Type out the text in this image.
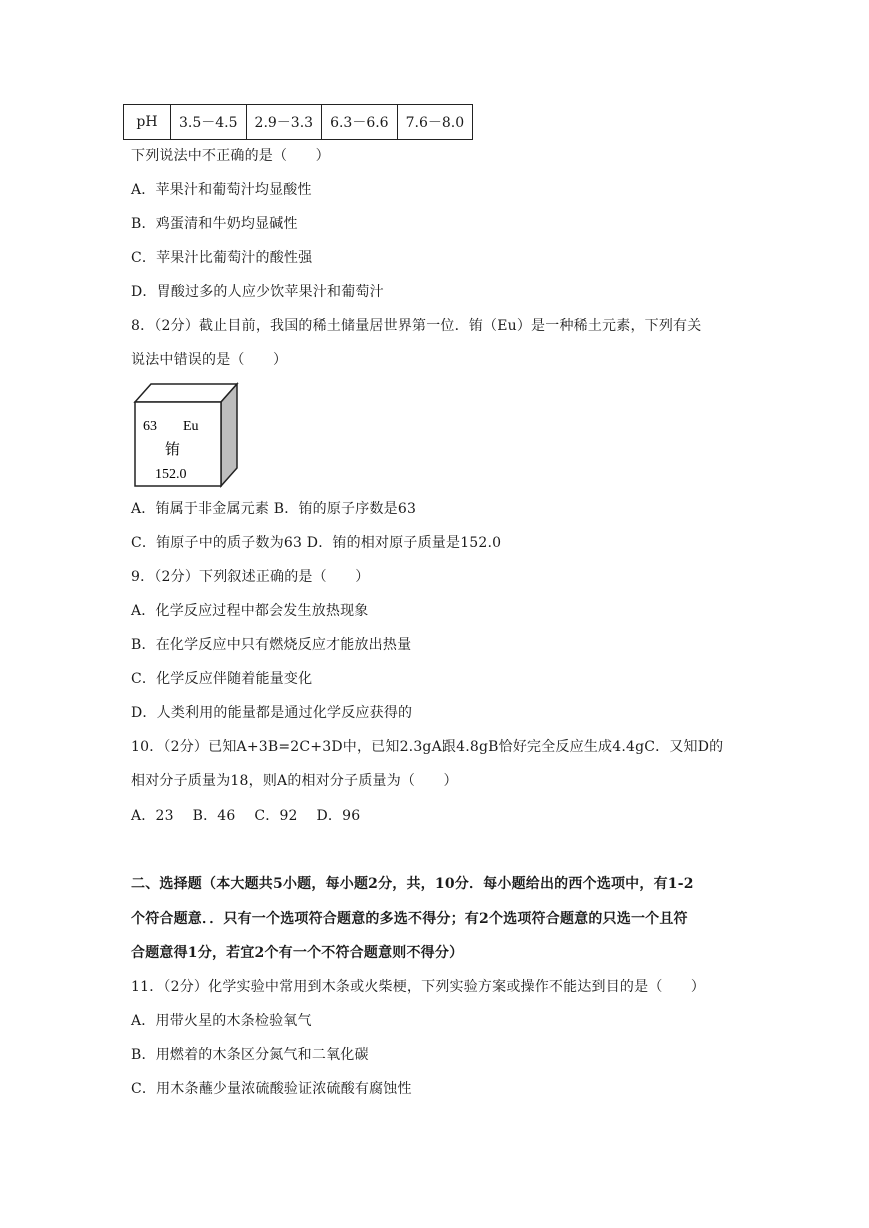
pH	3.5－4.5	2.9－3.3	6.3－6.6	7.6－8.0
下列说法中不正确的是（　　）
A．苹果汁和葡萄汁均显酸性
B．鸡蛋清和牛奶均显碱性
C．苹果汁比葡萄汁的酸性强
D．胃酸过多的人应少饮苹果汁和葡萄汁
8．（2分）截止目前，我国的稀土储量居世界第一位．铕（Eu）是一种稀土元素，下列有关
说法中错误的是（　　）
63 Eu
铕
152.0
A．铕属于非金属元素 B．铕的原子序数是63
C．铕原子中的质子数为63 D．铕的相对原子质量是152.0
9．（2分）下列叙述正确的是（　　）
A．化学反应过程中都会发生放热现象
B．在化学反应中只有燃烧反应才能放出热量
C．化学反应伴随着能量变化
D．人类利用的能量都是通过化学反应获得的
10．（2分）已知A+3B=2C+3D中，已知2.3gA跟4.8gB恰好完全反应生成4.4gC．又知D的
相对分子质量为18，则A的相对分子质量为（　　）
A．23　 B．46　 C．92　 D．96
二、选择题（本大题共5小题，每小题2分，共，10分．每小题给出的西个选项中，有1-2
个符合题意．．只有一个选项符合题意的多选不得分；有2个选项符合题意的只选一个且符
合题意得1分，若宜2个有一个不符合题意则不得分）
11．（2分）化学实验中常用到木条或火柴梗，下列实验方案或操作不能达到目的是（　　）
A．用带火星的木条检验氧气
B．用燃着的木条区分氮气和二氧化碳
C．用木条蘸少量浓硫酸验证浓硫酸有腐蚀性
